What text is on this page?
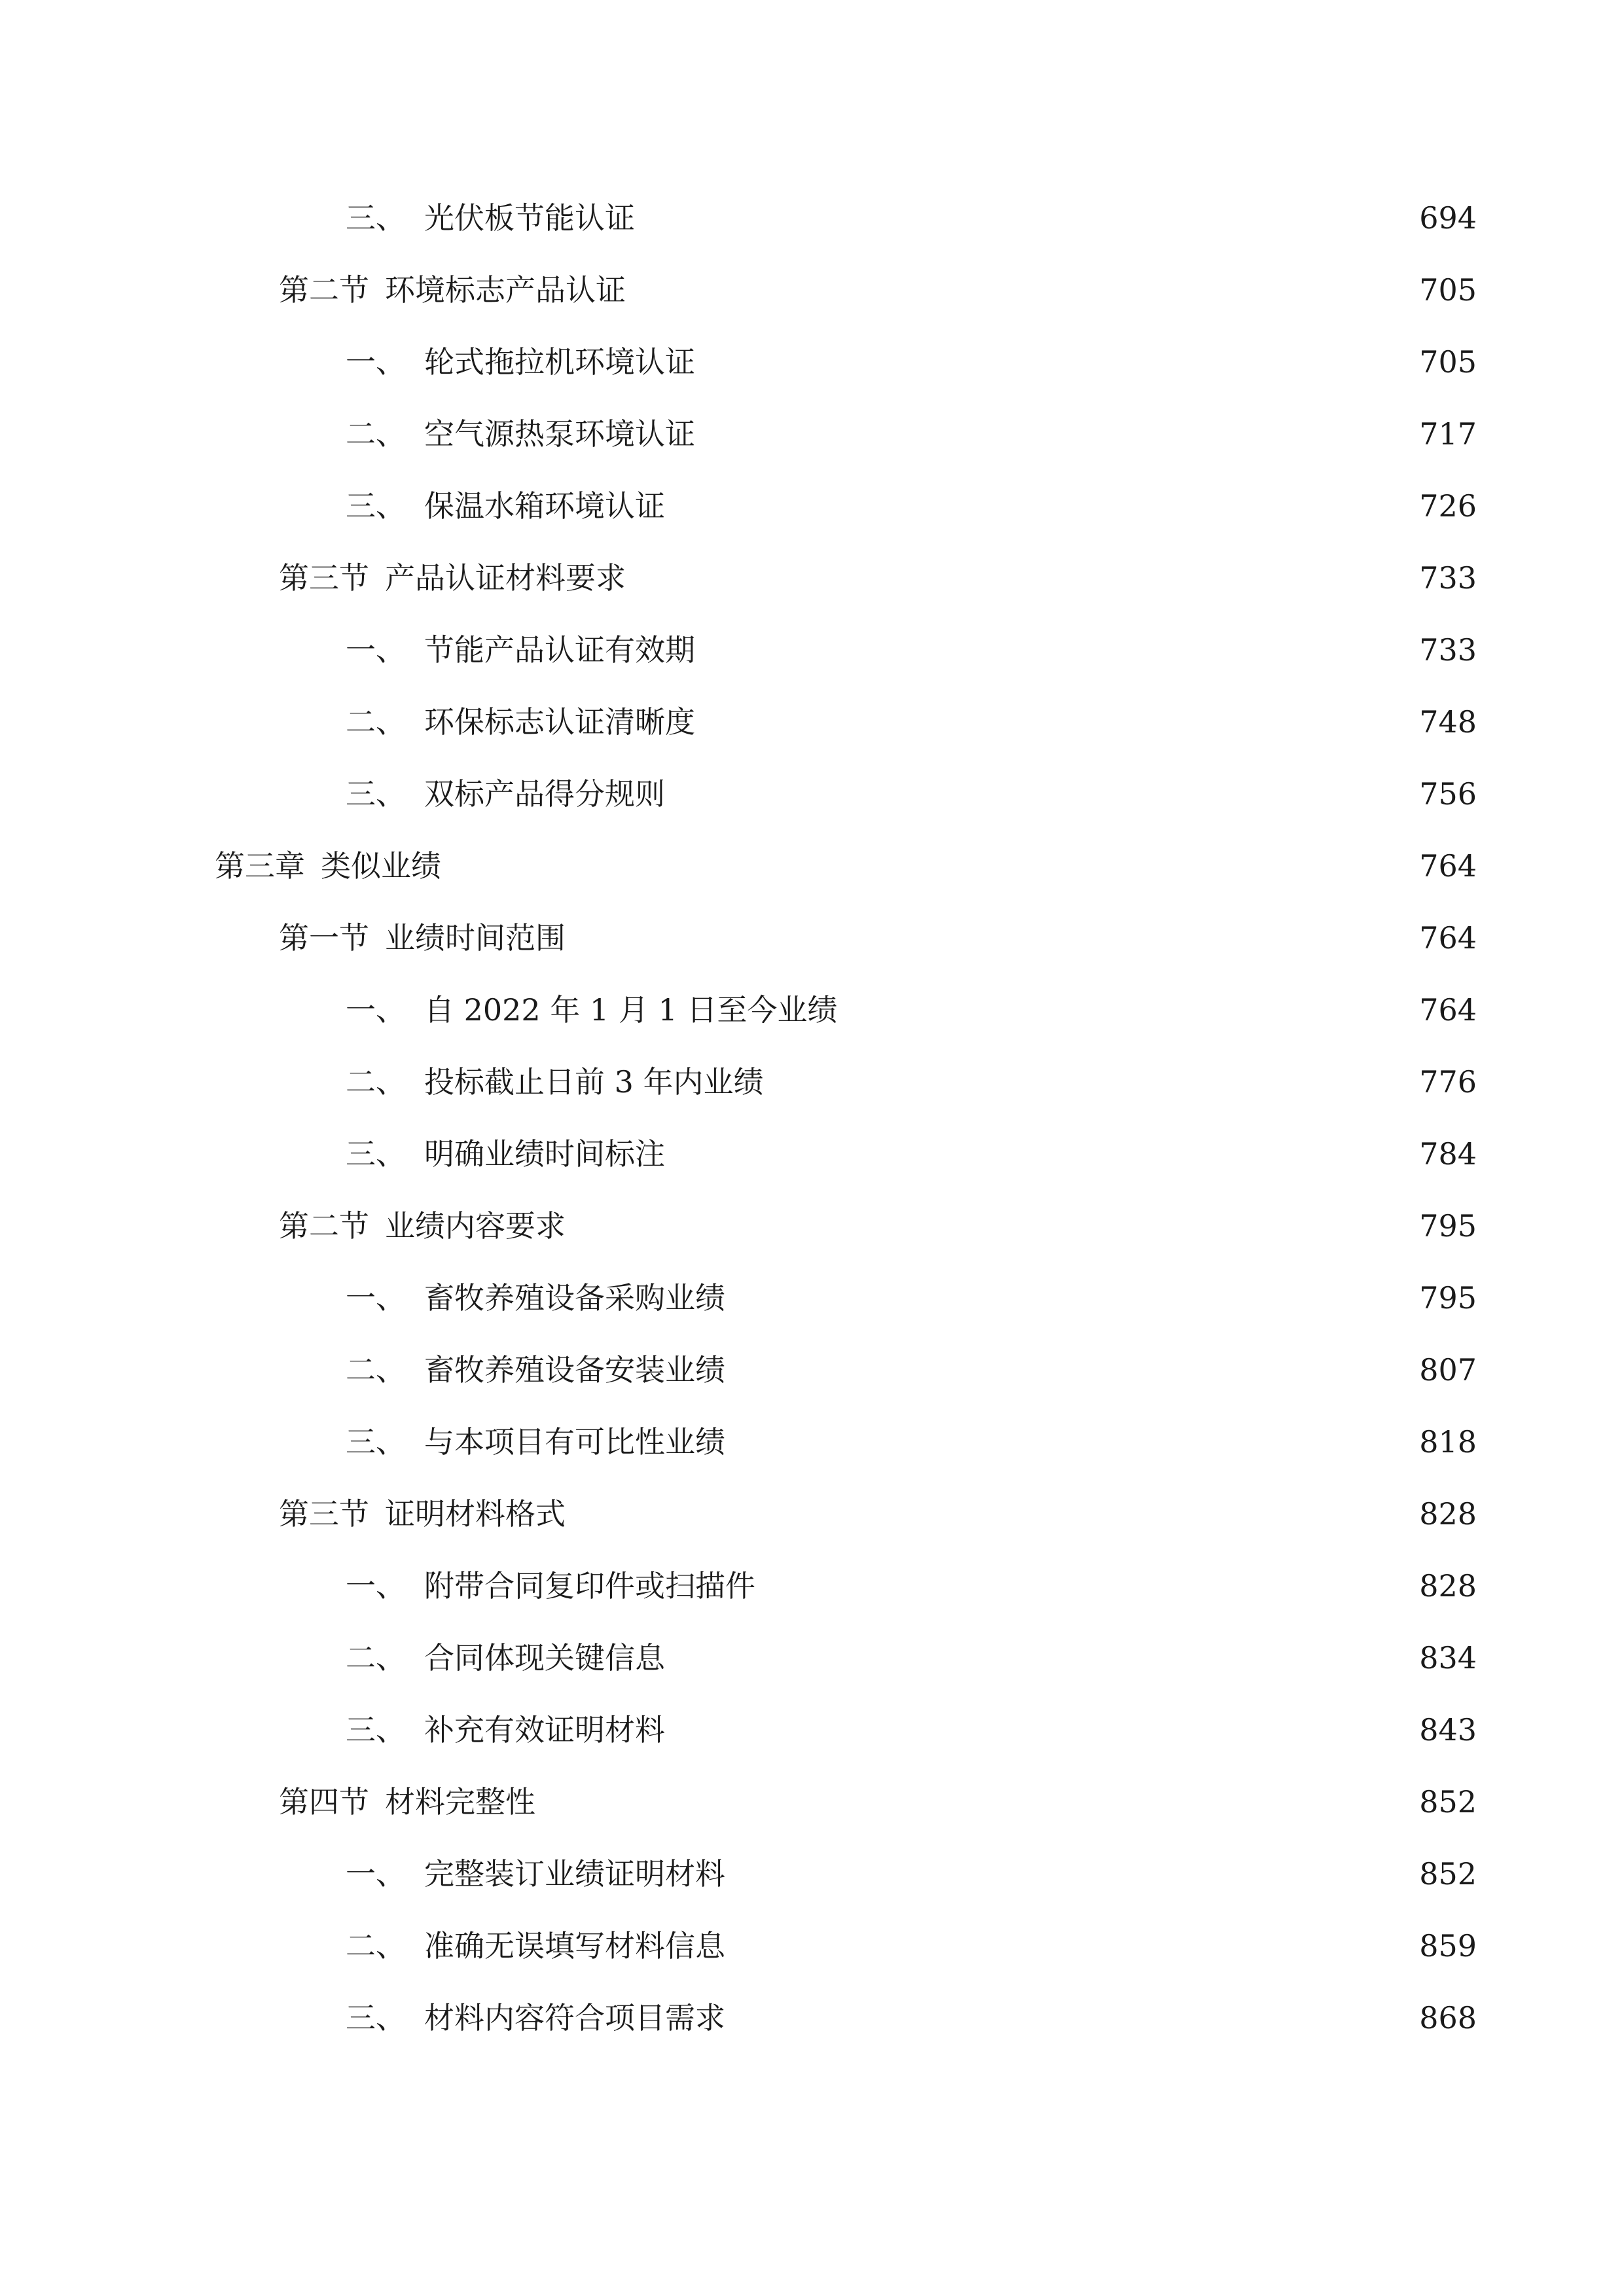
三、 光伏板节能认证	694
第二节 环境标志产品认证	705
一、 轮式拖拉机环境认证	705
二、 空气源热泵环境认证	717
三、 保温水箱环境认证	726
第三节 产品认证材料要求	733
一、 节能产品认证有效期	733
二、 环保标志认证清晰度	748
三、 双标产品得分规则	756
第三章 类似业绩	764
第一节 业绩时间范围	764
一、 自 2022 年 1 月 1 日至今业绩	764
二、 投标截止日前 3 年内业绩	776
三、 明确业绩时间标注	784
第二节 业绩内容要求	795
一、 畜牧养殖设备采购业绩	795
二、 畜牧养殖设备安装业绩	807
三、 与本项目有可比性业绩	818
第三节 证明材料格式	828
一、 附带合同复印件或扫描件	828
二、 合同体现关键信息	834
三、 补充有效证明材料	843
第四节 材料完整性	852
一、 完整装订业绩证明材料	852
二、 准确无误填写材料信息	859
三、 材料内容符合项目需求	868
